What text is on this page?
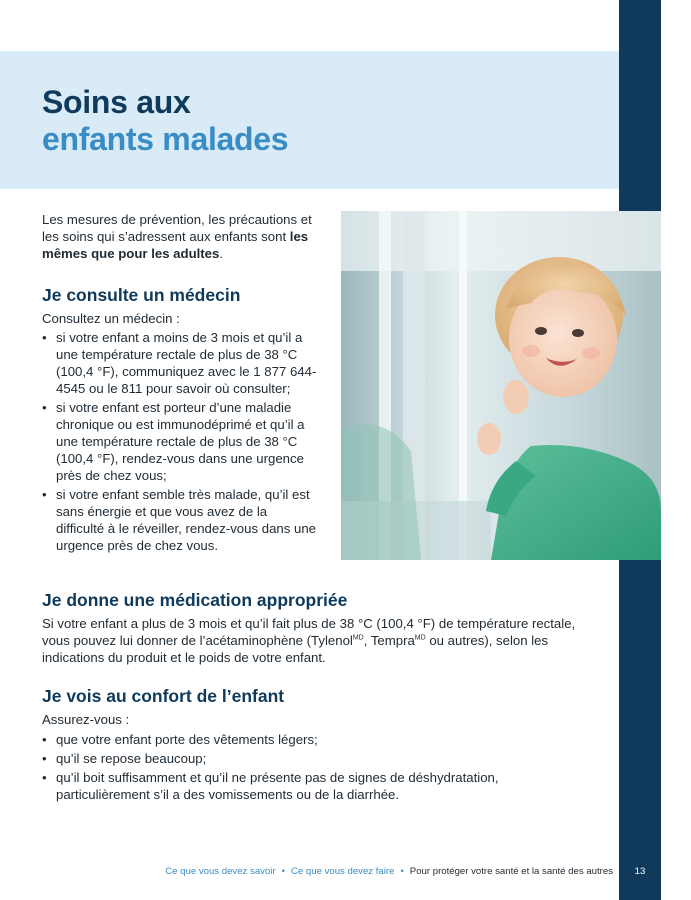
Soins aux
enfants malades

Les mesures de prévention, les précautions et les soins qui s’adressent aux enfants sont les mêmes que pour les adultes.

Je consulte un médecin

Consultez un médecin :

• si votre enfant a moins de 3 mois et qu’il a une température rectale de plus de 38 °C (100,4 °F), communiquez avec le 1 877 644-4545 ou le 811 pour savoir où consulter;
• si votre enfant est porteur d’une maladie chronique ou est immunodéprimé et qu’il a une température rectale de plus de 38 °C (100,4 °F), rendez-vous dans une urgence près de chez vous;
• si votre enfant semble très malade, qu’il est sans énergie et que vous avez de la difficulté à le réveiller, rendez-vous dans une urgence près de chez vous.
Je donne une médication appropriée

Si votre enfant a plus de 3 mois et qu’il fait plus de 38 °C (100,4 °F) de température rectale, vous pouvez lui donner de l’acétaminophène (Tylenol$^{MD}$, Tempra$^{MD}$ ou autres), selon les indications du produit et le poids de votre enfant.

Je vois au confort de l’enfant

Assurez-vous :

• que votre enfant porte des vêtements légers;
• qu’il se repose beaucoup;
• qu’il boit suffisamment et qu’il ne présente pas de signes de déshydratation, particulièrement s’il a des vomissements ou de la diarrhée.
Ce que vous devez savoir • Ce que vous devez faire • Pour protéger votre santé et la santé des autres	13
